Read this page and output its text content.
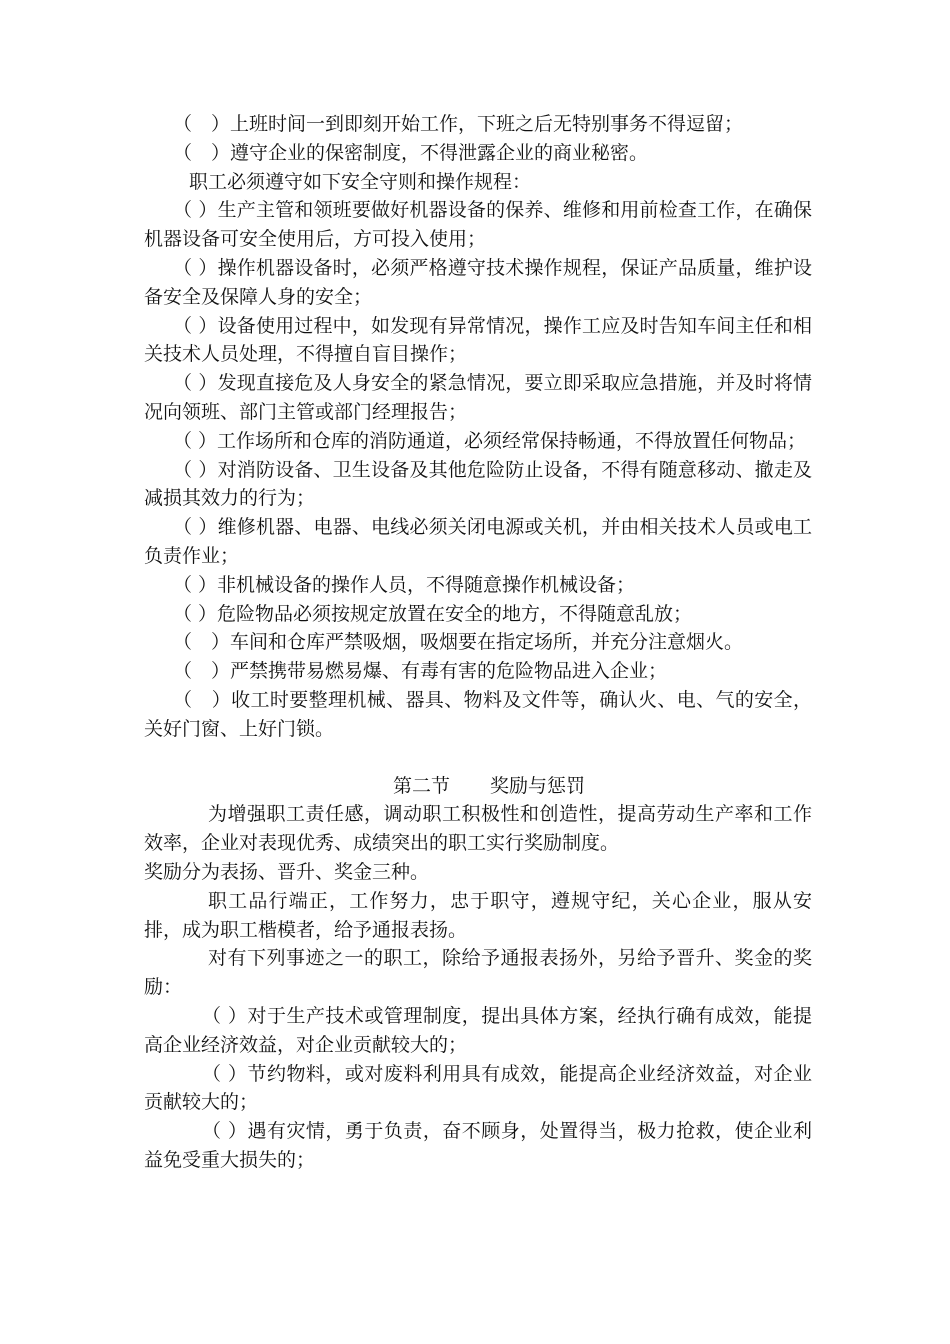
（　）上班时间一到即刻开始工作，下班之后无特别事务不得逗留；

（　）遵守企业的保密制度，不得泄露企业的商业秘密。

职工必须遵守如下安全守则和操作规程：

（ ）生产主管和领班要做好机器设备的保养、维修和用前检查工作，在确保机器设备可安全使用后，方可投入使用；

（ ）操作机器设备时，必须严格遵守技术操作规程，保证产品质量，维护设备安全及保障人身的安全；

（ ）设备使用过程中，如发现有异常情况，操作工应及时告知车间主任和相关技术人员处理，不得擅自盲目操作；

（ ）发现直接危及人身安全的紧急情况，要立即采取应急措施，并及时将情况向领班、部门主管或部门经理报告；

（ ）工作场所和仓库的消防通道，必须经常保持畅通，不得放置任何物品；

（ ）对消防设备、卫生设备及其他危险防止设备，不得有随意移动、撤走及减损其效力的行为；

（ ）维修机器、电器、电线必须关闭电源或关机，并由相关技术人员或电工负责作业；

（ ）非机械设备的操作人员，不得随意操作机械设备；

（ ）危险物品必须按规定放置在安全的地方，不得随意乱放；

（　）车间和仓库严禁吸烟，吸烟要在指定场所，并充分注意烟火。

（　）严禁携带易燃易爆、有毒有害的危险物品进入企业；

（　）收工时要整理机械、器具、物料及文件等，确认火、电、气的安全，关好门窗、上好门锁。

第二节 奖励与惩罚

为增强职工责任感，调动职工积极性和创造性，提高劳动生产率和工作效率，企业对表现优秀、成绩突出的职工实行奖励制度。

奖励分为表扬、晋升、奖金三种。

职工品行端正，工作努力，忠于职守，遵规守纪，关心企业，服从安排，成为职工楷模者，给予通报表扬。

对有下列事迹之一的职工，除给予通报表扬外，另给予晋升、奖金的奖励：

（ ）对于生产技术或管理制度，提出具体方案，经执行确有成效，能提高企业经济效益，对企业贡献较大的；

（ ）节约物料，或对废料利用具有成效，能提高企业经济效益，对企业贡献较大的；

（ ）遇有灾情，勇于负责，奋不顾身，处置得当，极力抢救，使企业利益免受重大损失的；
